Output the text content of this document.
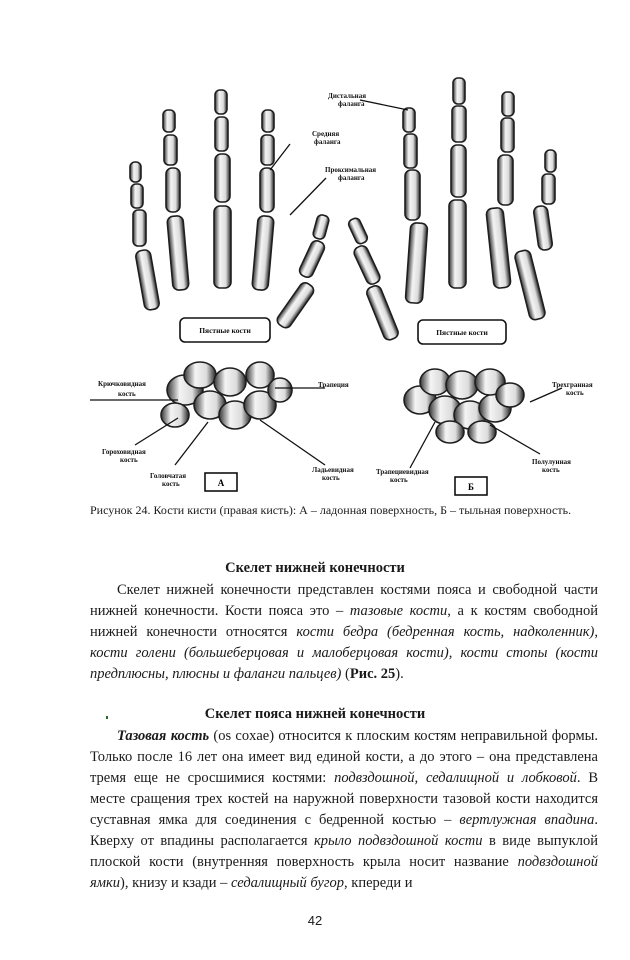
Пястные кости
Крючковидная
кость
Гороховидная
кость
Головчатая
кость
Трапеция
Ладьевидная
кость
Средняя
фаланга
Проксимальная
фаланга
А
Пястные кости
Дистальная
фаланга
Трехгранная
кость
Полулунная
кость
Трапециевидная
кость
Б
Рисунок 24. Кости кисти (правая кисть): А – ладонная поверхность, Б – тыльная поверхность.
Скелет нижней конечности

Скелет нижней конечности представлен костями пояса и свободной части нижней конечности. Кости пояса это – тазовые кости, а к костям свободной нижней конечности относятся кости бедра (бедренная кость, надколенник), кости голени (большеберцовая и малоберцовая кости), кости стопы (кости предплюсны, плюсны и фаланги пальцев) (Рис. 25).

Скелет пояса нижней конечности

Тазовая кость (os coxae) относится к плоским костям неправильной формы. Только после 16 лет она имеет вид единой кости, а до этого – она представлена тремя еще не сросшимися костями: подвздошной, седалищной и лобковой. В месте сращения трех костей на наружной поверхности тазовой кости находится суставная ямка для соединения с бедренной костью – вертлужная впадина. Кверху от впадины располагается крыло подвздошной кости в виде выпуклой плоской кости (внутренняя поверхность крыла носит название подвздошной ямки), книзу и кзади – седалищный бугор, кпереди и

42
